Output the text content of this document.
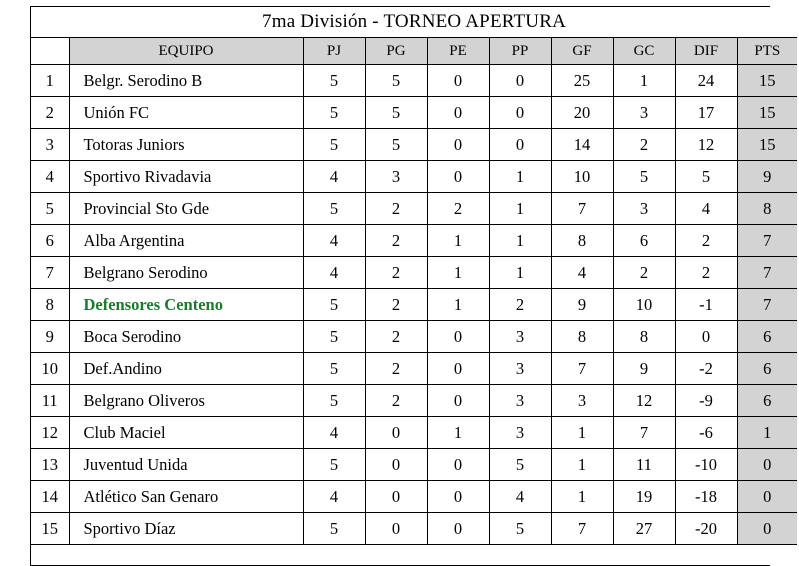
7ma División - TORNEO APERTURA									
	EQUIPO	PJ	PG	PE	PP	GF	GC	DIF	PTS
1	Belgr. Serodino B	5	5	0	0	25	1	24	15
2	Unión FC	5	5	0	0	20	3	17	15
3	Totoras Juniors	5	5	0	0	14	2	12	15
4	Sportivo Rivadavia	4	3	0	1	10	5	5	9
5	Provincial Sto Gde	5	2	2	1	7	3	4	8
6	Alba Argentina	4	2	1	1	8	6	2	7
7	Belgrano Serodino	4	2	1	1	4	2	2	7
8	Defensores Centeno	5	2	1	2	9	10	-1	7
9	Boca Serodino	5	2	0	3	8	8	0	6
10	Def.Andino	5	2	0	3	7	9	-2	6
11	Belgrano Oliveros	5	2	0	3	3	12	-9	6
12	Club Maciel	4	0	1	3	1	7	-6	1
13	Juventud Unida	5	0	0	5	1	11	-10	0
14	Atlético San Genaro	4	0	0	4	1	19	-18	0
15	Sportivo Díaz	5	0	0	5	7	27	-20	0
